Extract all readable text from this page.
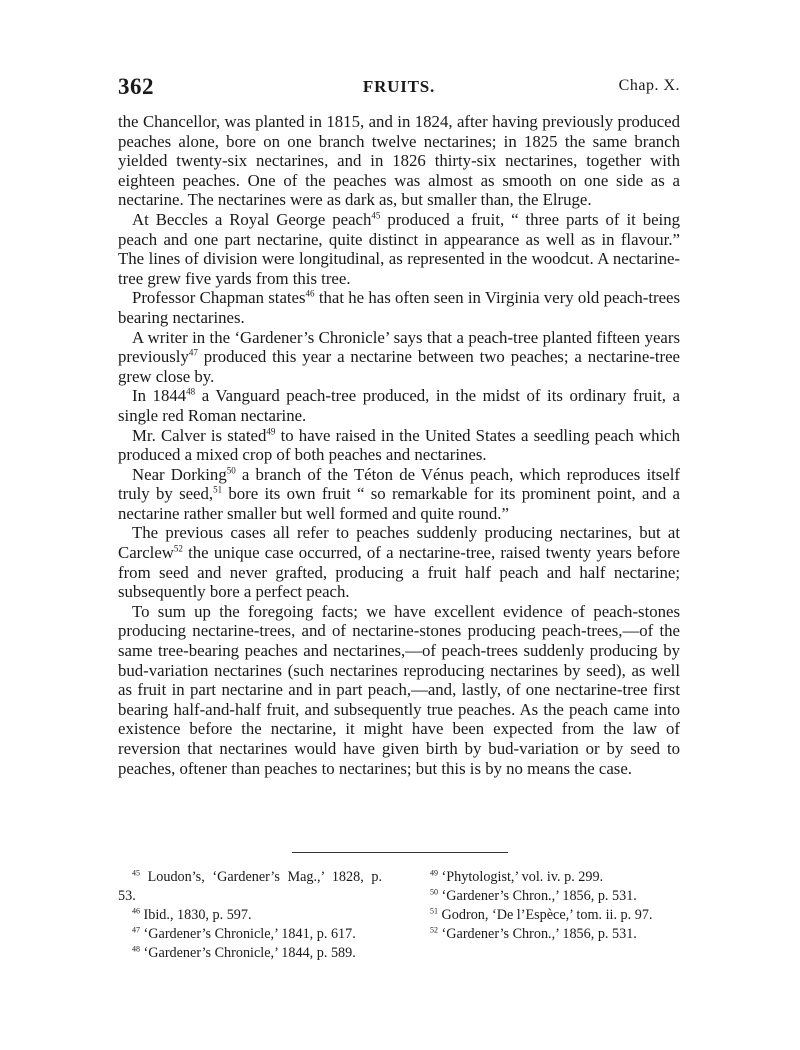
362	FRUITS.	Chap. X.

the Chancellor, was planted in 1815, and in 1824, after having previously produced peaches alone, bore on one branch twelve nectarines; in 1825 the same branch yielded twenty-six nectarines, and in 1826 thirty-six nectarines, together with eighteen peaches. One of the peaches was almost as smooth on one side as a nectarine. The nectarines were as dark as, but smaller than, the Elruge.

At Beccles a Royal George peach$^{45}$ produced a fruit, “ three parts of it being peach and one part nectarine, quite distinct in appearance as well as in flavour.” The lines of division were longitudinal, as represented in the woodcut. A nectarine-tree grew five yards from this tree.

Professor Chapman states$^{46}$ that he has often seen in Virginia very old peach-trees bearing nectarines.

A writer in the ‘Gardener’s Chronicle’ says that a peach-tree planted fifteen years previously$^{47}$ produced this year a nectarine between two peaches; a nectarine-tree grew close by.

In 1844$^{48}$ a Vanguard peach-tree produced, in the midst of its ordinary fruit, a single red Roman nectarine.

Mr. Calver is stated$^{49}$ to have raised in the United States a seedling peach which produced a mixed crop of both peaches and nectarines.

Near Dorking$^{50}$ a branch of the Téton de Vénus peach, which reproduces itself truly by seed,$^{51}$ bore its own fruit “ so remarkable for its prominent point, and a nectarine rather smaller but well formed and quite round.”

The previous cases all refer to peaches suddenly producing nectarines, but at Carclew$^{52}$ the unique case occurred, of a nectarine-tree, raised twenty years before from seed and never grafted, producing a fruit half peach and half nectarine; subsequently bore a perfect peach.

To sum up the foregoing facts; we have excellent evidence of peach-stones producing nectarine-trees, and of nectarine-stones producing peach-trees,—of the same tree-bearing peaches and nectarines,—of peach-trees suddenly producing by bud-variation nectarines (such nectarines reproducing nectarines by seed), as well as fruit in part nectarine and in part peach,—and, lastly, of one nectarine-tree first bearing half-and-half fruit, and subsequently true peaches. As the peach came into existence before the nectarine, it might have been expected from the law of reversion that nectarines would have given birth by bud-variation or by seed to peaches, oftener than peaches to nectarines; but this is by no means the case.

$^{45}$ Loudon’s, ‘Gardener’s Mag.,’ 1828, p. 53.

$^{46}$ Ibid., 1830, p. 597.

$^{47}$ ‘Gardener’s Chronicle,’ 1841, p. 617.

$^{48}$ ‘Gardener’s Chronicle,’ 1844, p. 589.

$^{49}$ ‘Phytologist,’ vol. iv. p. 299.

$^{50}$ ‘Gardener’s Chron.,’ 1856, p. 531.

$^{51}$ Godron, ‘De l’Espèce,’ tom. ii. p. 97.

$^{52}$ ‘Gardener’s Chron.,’ 1856, p. 531.
